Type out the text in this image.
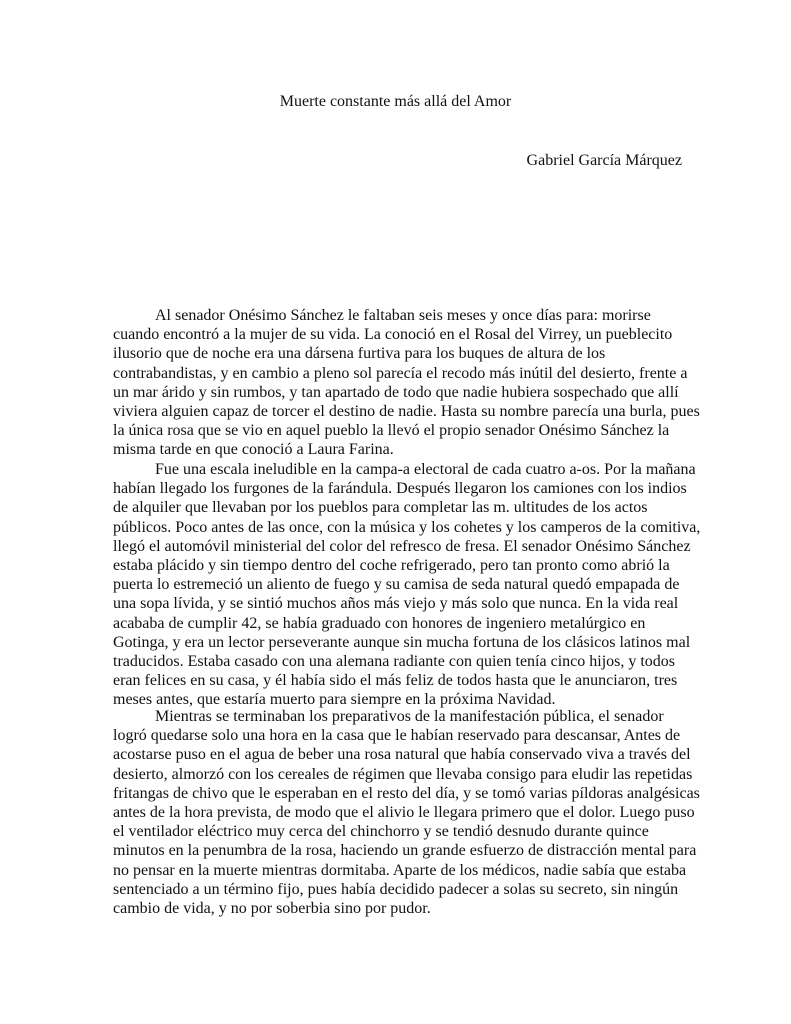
Muerte constante más allá del Amor
Gabriel García Márquez
Al senador Onésimo Sánchez le faltaban seis meses y once días para: morirse
cuando encontró a la mujer de su vida. La conoció en el Rosal del Virrey, un pueblecito
ilusorio que de noche era una dársena furtiva para los buques de altura de los
contrabandistas, y en cambio a pleno sol parecía el recodo más inútil del desierto, frente a
un mar árido y sin rumbos, y tan apartado de todo que nadie hubiera sospechado que allí
viviera alguien capaz de torcer el destino de nadie. Hasta su nombre parecía una burla, pues
la única rosa que se vio en aquel pueblo la llevó el propio senador Onésimo Sánchez la
misma tarde en que conoció a Laura Farina.
Fue una escala ineludible en la campa-a electoral de cada cuatro a-os. Por la mañana
habían llegado los furgones de la farándula. Después llegaron los camiones con los indios
de alquiler que llevaban por los pueblos para completar las m. ultitudes de los actos
públicos. Poco antes de las once, con la música y los cohetes y los camperos de la comitiva,
llegó el automóvil ministerial del color del refresco de fresa. El senador Onésimo Sánchez
estaba plácido y sin tiempo dentro del coche refrigerado, pero tan pronto como abrió la
puerta lo estremeció un aliento de fuego y su camisa de seda natural quedó empapada de
una sopa lívida, y se sintió muchos años más viejo y más solo que nunca. En la vida real
acababa de cumplir 42, se había graduado con honores de ingeniero metalúrgico en
Gotinga, y era un lector perseverante aunque sin mucha fortuna de los clásicos latinos mal
traducidos. Estaba casado con una alemana radiante con quien tenía cinco hijos, y todos
eran felices en su casa, y él había sido el más feliz de todos hasta que le anunciaron, tres
meses antes, que estaría muerto para siempre en la próxima Navidad.
Mientras se terminaban los preparativos de la manifestación pública, el senador
logró quedarse solo una hora en la casa que le habían reservado para descansar, Antes de
acostarse puso en el agua de beber una rosa natural que había conservado viva a través del
desierto, almorzó con los cereales de régimen que llevaba consigo para eludir las repetidas
fritangas de chivo que le esperaban en el resto del día, y se tomó varias píldoras analgésicas
antes de la hora prevista, de modo que el alivio le llegara primero que el dolor. Luego puso
el ventilador eléctrico muy cerca del chinchorro y se tendió desnudo durante quince
minutos en la penumbra de la rosa, haciendo un grande esfuerzo de distracción mental para
no pensar en la muerte mientras dormitaba. Aparte de los médicos, nadie sabía que estaba
sentenciado a un término fijo, pues había decidido padecer a solas su secreto, sin ningún
cambio de vida, y no por soberbia sino por pudor.
